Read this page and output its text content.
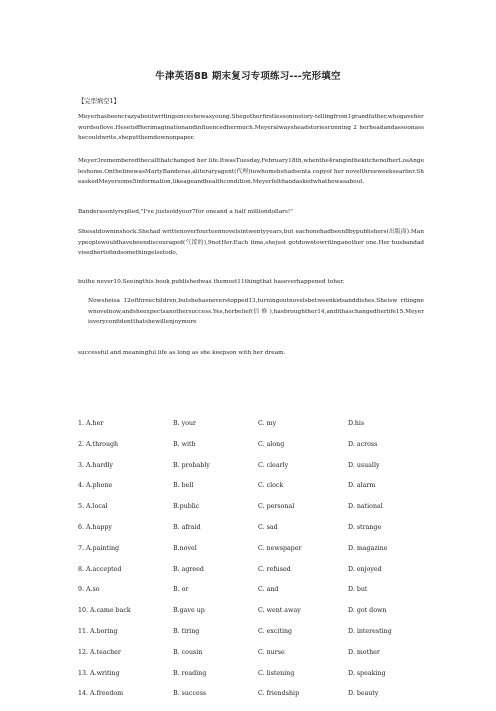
牛津英语8B 期末复习专项练习---完形填空
【完型填空1】
Meyerhasbeencrazyaboutwritingsinceshewasyoung.Shegotherfirstlessoninstory-tellingfrom1grandfather,whogaveherwordsoflove.Hesetoffherimaginationandinfluencedhermuch.Meyeralwaysheadstoriesrunning 2 herheadandassoonasshecouldwrite,sheputthemdownonpaper.
Meyer3rememberedthecallthatchanged her life.ItwasTuesday,February18th,whenthe4ranginthekitchenofherLosAngeleshome.OntheIinewasMartyBanderas,aliteraryagent(代理)towhomshehadsenta copyof her novelthreeweeksearlier.SheaskedMeyersome5information,likeageandhealthcondition.Meyerfelt6andaskedwhathewasabout.
Banderasonlyreplied,"I've justsoldyour7for oneand a half milliondollars!"
Shesatdowninshock.Shehad writtenoverfourteennovelsintwentyyears,but eachonehadbeen8bypublishers(出版商).Manypeoplewouldhavebeendiscouraged(气馁的),9notHer.Each time,shejust gotdowntowritinganother one.Her husbandadvisedhertofindsomethingelsetodo,
buthe never10.Seeingthis book publishedwas themost11thingthat haseverhappened toher.
Nowsheisa 12ofthreechildren,butshehasneverstopped13,turningoutnovelsbetweenkidsanddishes.Sheisw ritingnewnovelnow,andsheexpectsanothersuccess.Yes,herbelief(信 修 ),hasbroughther14,andithaschangedherlife15.Meyerisveryconfidentthatshewillenjoymore
successful and meaningful life as long as she keepson with her dream.
1. A.her	B. your	C. my	D.his
2. A.through	B. with	C. along	D. across
3. A.hardly	B. probably	C. clearly	D. usually
4. A.phone	B. bell	C. clock	D. alarm
5. A.local	B.public	C. personal	D. national
6. A.happy	B. afraid	C. sad	D. strange
7. A.painting	B.novel	C. newspaper	D. magazine
8. A.accepted	B. agreed	C. refused	D. enjoyed
9. A.so	B. or	C. and	D. but
10. A.came back	B.gave up	C. went away	D. got down
11. A.boring	B. tiring	C. exciting	D. interesting
12. A.teacher	B. cousin	C. nurse	D. mother
13. A.writing	B. reading	C. listening	D. speaking
14. A.freedom	B. success	C. friendship	D. beauty
